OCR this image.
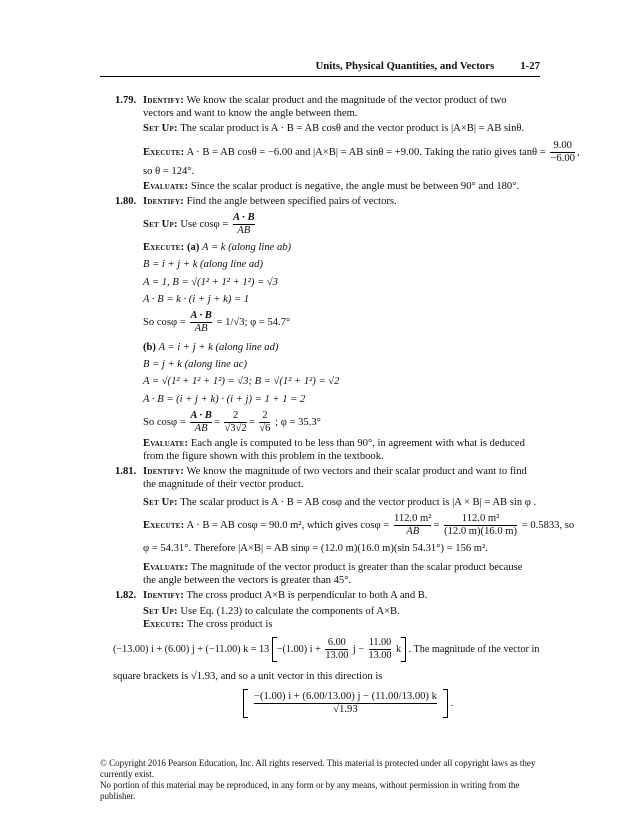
Units, Physical Quantities, and Vectors 1-27
1.79. Identify: We know the scalar product and the magnitude of the vector product of two vectors and want to know the angle between them.
Set Up: The scalar product is A · B = AB cosθ and the vector product is |A×B| = AB sinθ.
Execute: A · B = AB cosθ = −6.00 and |A×B| = AB sinθ = +9.00. Taking the ratio gives $\tan\theta = \frac{9.00}{-6.00}$ ,
so θ = 124°.
Evaluate: Since the scalar product is negative, the angle must be between 90° and 180°.
1.80. Identify: Find the angle between specified pairs of vectors.
Set Up: Use $\cos\varphi = \frac{A \cdot B}{AB}$
Execute: (a) A = k (along line ab)
B = i + j + k (along line ad)
A = 1, B = √(1² + 1² + 1²) = √3
A · B = k · (i + j + k) = 1
So $\cos\varphi = \frac{A \cdot B}{AB} = 1/√3$; φ = 54.7°
(b) A = i + j + k (along line ad)
B = j + k (along line ac)
A = √(1² + 1² + 1²) = √3; B = √(1² + 1²) = √2
A · B = (i + j + k) · (i + j) = 1 + 1 = 2
So $\cos\varphi = \frac{A \cdot B}{AB} = \frac{2}{√3√2} = \frac{2}{√6}$ ; φ = 35.3°
Evaluate: Each angle is computed to be less than 90°, in agreement with what is deduced from the figure shown with this problem in the textbook.
1.81. Identify: We know the magnitude of two vectors and their scalar product and want to find the magnitude of their vector product.
Set Up: The scalar product is A · B = AB cosφ and the vector product is |A × B| = AB sin φ .
Execute: A · B = AB cosφ = 90.0 m², which gives $\cos\varphi = \frac{\text{112.0 m²}}{AB} = \frac{\text{112.0 m²}}{(12.0 m)(16.0 m)} = 0.5833$, so
φ = 54.31°. Therefore |A×B| = AB sinφ = (12.0 m)(16.0 m)(sin 54.31°) = 156 m².
Evaluate: The magnitude of the vector product is greater than the scalar product because the angle between the vectors is greater than 45°.
1.82. Identify: The cross product A×B is perpendicular to both A and B.
Set Up: Use Eq. (1.23) to calculate the components of A×B.
Execute: The cross product is
(−13.00) i + (6.00) j + (−11.00) k = 13 −(1.00) $i + \frac{6.00}{13.00}$ $j - \frac{11.00}{13.00}$ k . The magnitude of the vector in
square brackets is √1.93, and so a unit vector in this direction is
$\frac{-(1.00) i + (6.00/13.00) j - (11.00/13.00) k}{√1.93}$ .
© Copyright 2016 Pearson Education, Inc. All rights reserved. This material is protected under all copyright laws as they currently exist.
No portion of this material may be reproduced, in any form or by any means, without permission in writing from the publisher.
